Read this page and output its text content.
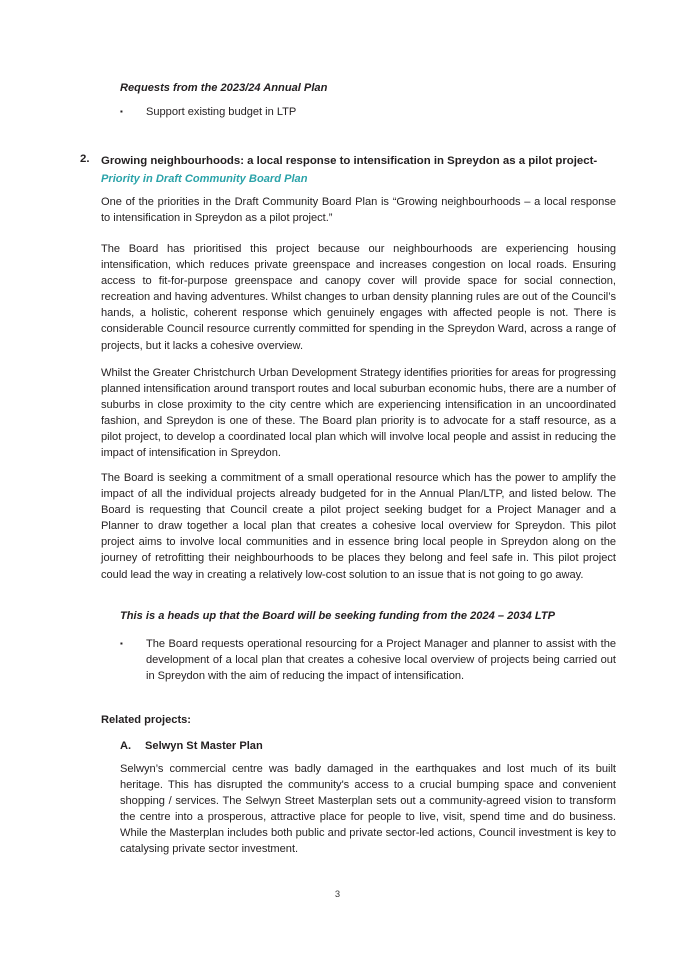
Requests from the 2023/24 Annual Plan
▪	Support existing budget in LTP
2.	Growing neighbourhoods: a local response to intensification in Spreydon as a pilot project-
Priority in Draft Community Board Plan
One of the priorities in the Draft Community Board Plan is “Growing neighbourhoods – a local response to intensification in Spreydon as a pilot project.”
The Board has prioritised this project because our neighbourhoods are experiencing housing intensification, which reduces private greenspace and increases congestion on local roads. Ensuring access to fit-for-purpose greenspace and canopy cover will provide space for social connection, recreation and having adventures. Whilst changes to urban density planning rules are out of the Council’s hands, a holistic, coherent response which genuinely engages with affected people is not. There is considerable Council resource currently committed for spending in the Spreydon Ward, across a range of projects, but it lacks a cohesive overview.
Whilst the Greater Christchurch Urban Development Strategy identifies priorities for areas for progressing planned intensification around transport routes and local suburban economic hubs, there are a number of suburbs in close proximity to the city centre which are experiencing intensification in an uncoordinated fashion, and Spreydon is one of these. The Board plan priority is to advocate for a staff resource, as a pilot project, to develop a coordinated local plan which will involve local people and assist in reducing the impact of intensification in Spreydon.
The Board is seeking a commitment of a small operational resource which has the power to amplify the impact of all the individual projects already budgeted for in the Annual Plan/LTP, and listed below. The Board is requesting that Council create a pilot project seeking budget for a Project Manager and a Planner to draw together a local plan that creates a cohesive local overview for Spreydon. This pilot project aims to involve local communities and in essence bring local people in Spreydon along on the journey of retrofitting their neighbourhoods to be places they belong and feel safe in. This pilot project could lead the way in creating a relatively low-cost solution to an issue that is not going to go away.
This is a heads up that the Board will be seeking funding from the 2024 – 2034 LTP
▪	The Board requests operational resourcing for a Project Manager and planner to assist with the development of a local plan that creates a cohesive local overview of projects being carried out in Spreydon with the aim of reducing the impact of intensification.
Related projects:
A.	Selwyn St Master Plan
Selwyn’s commercial centre was badly damaged in the earthquakes and lost much of its built heritage. This has disrupted the community's access to a crucial bumping space and convenient shopping / services. The Selwyn Street Masterplan sets out a community-agreed vision to transform the centre into a prosperous, attractive place for people to live, visit, spend time and do business. While the Masterplan includes both public and private sector-led actions, Council investment is key to catalysing private sector investment.
3
